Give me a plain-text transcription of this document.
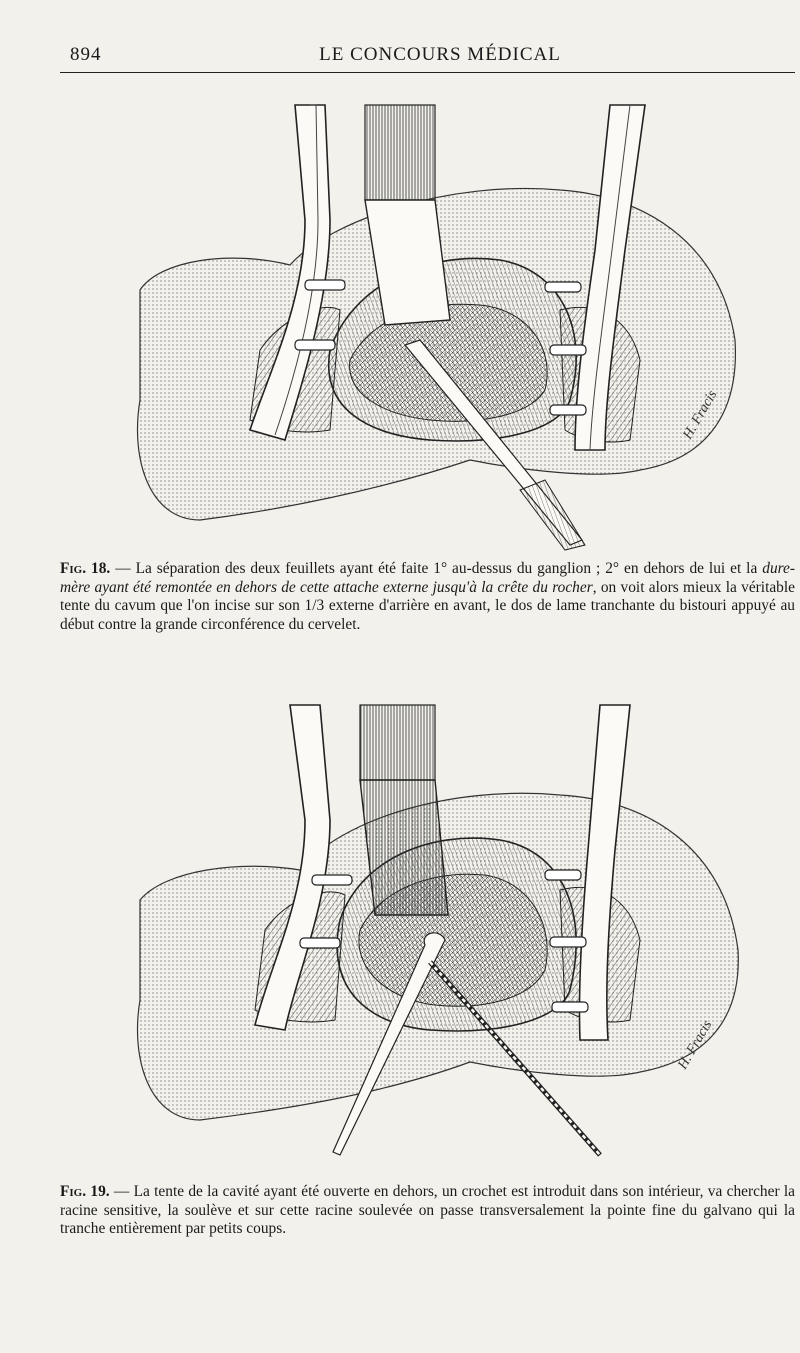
894	LE CONCOURS MÉDICAL
H. Fracis

Fig. 18. — La séparation des deux feuillets ayant été faite 1° au-dessus du ganglion ; 2° en dehors de lui et la dure-mère ayant été remontée en dehors de cette attache externe jusqu'à la crête du rocher, on voit alors mieux la véritable tente du cavum que l'on incise sur son 1/3 externe d'arrière en avant, le dos de lame tranchante du bistouri appuyé au début contre la grande circonférence du cervelet.

H. Fracis

Fig. 19. — La tente de la cavité ayant été ouverte en dehors, un crochet est introduit dans son intérieur, va chercher la racine sensitive, la soulève et sur cette racine soulevée on passe transversalement la pointe fine du galvano qui la tranche entièrement par petits coups.
